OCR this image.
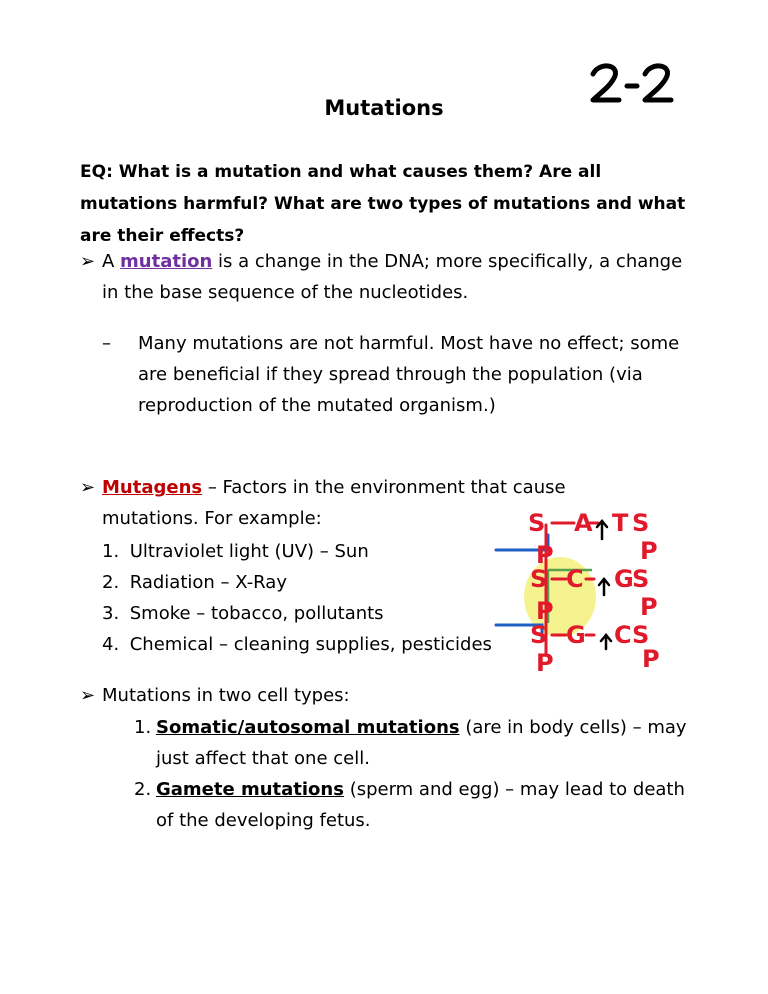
Mutations
EQ: What is a mutation and what causes them? Are all mutations harmful? What are two types of mutations and what are their effects?
➢ A mutation is a change in the DNA; more specifically, a change in the base sequence of the nucleotides.
– Many mutations are not harmful. Most have no effect; some are beneficial if they spread through the population (via reproduction of the mutated organism.)
➢ Mutagens – Factors in the environment that cause mutations. For example:
1. Ultraviolet light (UV) – Sun
2. Radiation – X-Ray
3. Smoke – tobacco, pollutants
4. Chemical – cleaning supplies, pesticides
S A T S
P	P
S C G
S
P	P
S G C S
P	P
➢ Mutations in two cell types:
1. Somatic/autosomal mutations (are in body cells) – may just affect that one cell.
2. Gamete mutations (sperm and egg) – may lead to death of the developing fetus.
